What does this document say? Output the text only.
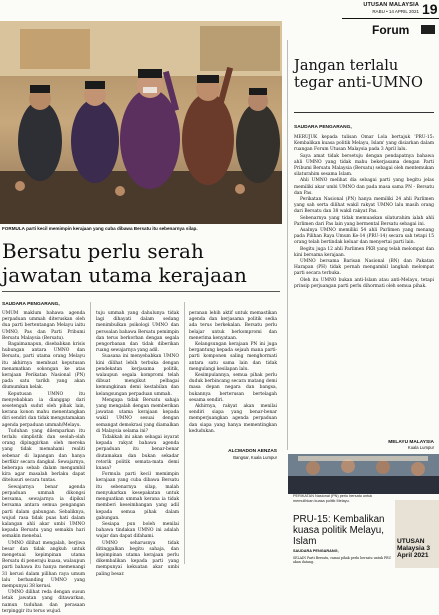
UTUSAN MALAYSIA
RABU • 14 APRIL 2021 19
Forum
FORMULA parti kecil memimpin kerajaan yang cuba dibawa Bersatu itu sebenarnya silap.
Bersatu perlu serah jawatan utama kerajaan
SAUDARA PENGARANG,

UMUM maklum bahawa agenda perpaduan ummah diteruskan oleh dua parti bertentangan Melayu iaitu UMNO, Pas dan Parti Pribumi Bersatu Malaysia (Bersatu).

Bagaimanapun, disebabkan krisis hubungan antara UMNO dan Bersatu, parti utama orang Melayu itu akhirnya membuat keputusan menamatkan sokongan ke atas kerajaan Perikatan Nasional (PN) pada satu tarikh yang akan diumumkan kelak.

Keputusan UMNO itu menyebabkan ia dianggap dari sesetengah sudut oleh pihak lain, kerana konon mahu menentangkan diri sendiri dan tidak mengutamakan agenda perpaduan ummah/Melayu.

Tuduhan yang dilemparkan itu terlalu simplistik dan seolah-olah orang dipinggirkan oleh mereka yang tidak memahami realiti sebenar di lapangan dan hanya berfikir secara dangkal. Sewajarnya, beberapa sebab dalam mengambil kira agar masalah berlaku dapat ditelusuri secara tuntas.

Sewajarnya benar agenda perpaduan ummah dikongsi bersama, sewajarnya ia dipikul bersama antara semua pengangan parti dalam gabungan. Sebaliknya, wujud rasa tidak puas hati dalam kalangan ahli akar umbi UMNO kepada Bersatu yang semakin hari semakin menebal.

UMNO dilihat mengalah, berjiwa besar dan tidak angkuh untuk mengetuai kepimpinan utama Bersatu di peneraju kuasa, walaupun parti bahawa itu hanya memenangi 31 kerusi dalam pilihan raya umum lalu berbanding UMNO yang mempunyai 38 kerusi.

UMNO dilihat reda dengan susun letak jawatan yang ditawarkan, namun tuduhan dan perasaan terpinggir itu terus wujud.

tuju ummah yang dahulunya tidak lagi dihayati dalam sedang menimbulkan psikologi UMNO dan persoalan bahawa Bersatu pemimpin dan terus berkorban dengan segala pengorbanan dan tidak diberikan ruang sewajarnya yang adil.

Suasana ini menyebabkan UMNO kini dilihat lebih terbuka dengan pendekatan kerjasama politik, walaupun segala kompromi telah dibuat mengikut pelbagai kemungkinan demi kestabilan dan kelangsungan perpaduan ummah.

Mengapa tidak Bersatu sahaja yang mengalah dengan memberikan jawatan utama kerajaan kepada wakil UMNO sesuai dengan semangat demokrasi yang diamalkan di Malaysia selama ini?

Tidakkah ini akan sebagai isyarat kepada rakyat bahawa agenda perpaduan itu benar-benar diutamakan dan bukan sekadar retorik politik semata-mata demi kuasa?

Formula parti kecil memimpin kerajaan yang cuba dibawa Bersatu itu sebenarnya silap, malah menyukarkan kesepakatan untuk menguatkan ummah kerana ia tidak memberi keseimbangan yang adil kepada semua pihak dalam gabungan.

Sesiapa pun boleh menilai bahawa tindakan UMNO ini adalah wajar dan dapat difahami.

UMNO seharusnya tidak ditinggalkan begitu sahaja, dan kepimpinan utama kerajaan perlu dikembalikan kepada parti yang mempunyai kekuatan akar umbi paling besar.

peranan lebih aktif untuk memastikan agenda dan kerjasama politik sedia ada terus berkekalan. Bersatu perlu belajar untuk berkompromi dan menerima kenyataan.

Kelangsungan kerajaan PN ini juga bergantung kepada sejauh mana parti-parti komponen saling menghormati antara satu sama lain dan tidak mengulangi kesilapan lalu.

Kesimpulannya, semua pihak perlu duduk berbincang secara matang demi masa depan negara dan bangsa, bukannya berterusan bertelagah sesama sendiri.

Akhirnya, rakyat akan menilai sendiri siapa yang benar-benar memperjuangkan agenda perpaduan dan siapa yang hanya mementingkan kedudukan.

ALCMADON AENZAS
Bangsar, Kuala Lumpur
Jangan terlalu tegar anti-UMNO
SAUDARA PENGARANG,

MERUJUK kepada tulisan Omar Lola bertajuk 'PRU-15: Kembalikan kuasa politik Melayu, Islam' yang disiarkan dalam ruangan Forum Utusan Malaysia pada 3 April lalu.

Saya amat tidak bersetuju dengan pendapatnya bahawa ahli UMNO yang tidak mahu bekerjasama dengan Parti Pribumi Bersatu Malaysia (Bersatu) sebagai oleh mentemukan silaturahim sesama Islam.

Ahli UMNO melihat dia sebagai parti yang begitu jelas memiliki akar umbi UMNO dan pada masa sama PN - Bersatu dan Pas.

Perikatan Nasional (PN) hanya memiliki 24 ahli Parlimen yang sah serta dilihat wakil rakyat UMNO lalu masih orang dari Bersatu dan 38 wakil rakyat Pas.

Sebenarnya yang tidak memuaskan silaturahim ialah ahli Parlimen dari Pas lain yang bermental Bersatu sebagai ini.

Asalnya UMNO memiliki 54 ahli Parlimen yang menang pada Pilihan Raya Umum Ke-14 (PRU-14) secara sah tetapi 15 orang telah bertindak keluar dan menyertai parti lain.

Begitu juga 12 ahli Parlimen PKR yang telah melompat dan kini bersama kerajaan.

UMNO bersama Barisan Nasional (BN) dan Pakatan Harapan (PH) tidak pernah mengambil langkah melompat parti secara terbuka.

Oleh itu UMNO bukan anti-Islam atau anti-Melayu, tetapi prinsip perjuangan parti perlu dihormati oleh semua pihak.

MELAYU MALAYSIA
Kuala Lumpur
PERIKATAN Nasional (PN) perlu bersatu untuk memulihkan kuasa politik Melayu.
PRU-15: Kembalikan kuasa politik Melayu, Islam
SAUDARA PENGARANG,
SELAIN Parti Bersatu, ramai pihak perlu bersatu untuk PRU akan datang.
UTUSAN Malaysia 3 April 2021
